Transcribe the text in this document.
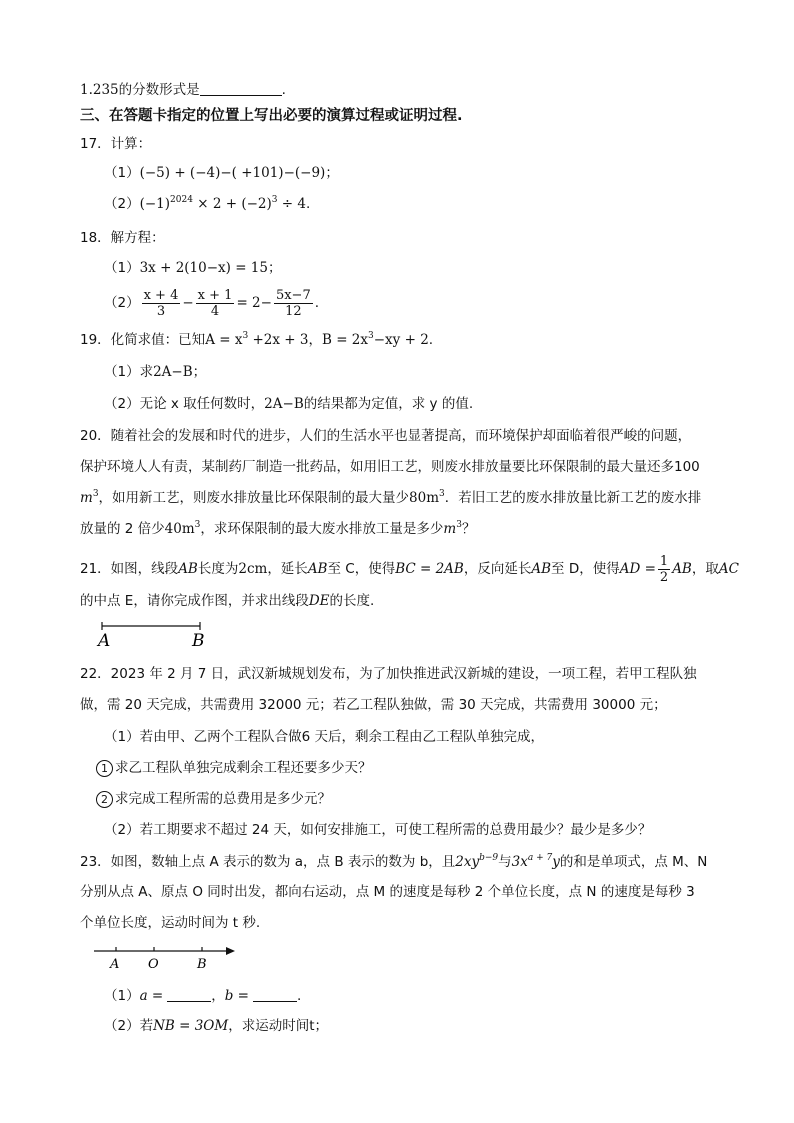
1.235的分数形式是	.
三、在答题卡指定的位置上写出必要的演算过程或证明过程.
17．计算：
（1）(−5) + (−4)−( +101)−(−9)；
$(2)(-1)^{2024} \times 2 + (-2)^3 \div 4$.
18．解方程：
（1）3x + 2(10−x) = 15；
$(2) \frac{x + 4}{3} - \frac{x + 1}{4} = 2- \frac{5x-7}{12}$ .
19．化简求值：已知$A = x^3 +2x + 3$，$B = 2x^3-xy + 2$.
（1）求2A−B；
（2）无论 x 取任何数时，2A−B的结果都为定值，求 y 的值.
20．随着社会的发展和时代的进步，人们的生活水平也显著提高，而环境保护却面临着很严峻的问题，
保护环境人人有责，某制药厂制造一批药品，如用旧工艺，则废水排放量要比环保限制的最大量还多100
$m^3$，如用新工艺，则废水排放量比环保限制的最大量少$80m^3$．若旧工艺的废水排放量比新工艺的废水排
放量的 2 倍少$40m^3$，求环保限制的最大废水排放工量是多少$m^3$？
21．如图，线段AB长度为2cm，延长AB至 C，使得BC = 2AB，反向延长AB至 D，使得AD = $\frac{1}{2}$ AB，取AC
的中点 E，请你完成作图，并求出线段DE的长度.
A	B
22．2023 年 2 月 7 日，武汉新城规划发布，为了加快推进武汉新城的建设，一项工程，若甲工程队独
做，需 20 天完成，共需费用 32000 元；若乙工程队独做，需 30 天完成，共需费用 30000 元；
（1）若由甲、乙两个工程队合做6 天后，剩余工程由乙工程队单独完成，
1 求乙工程队单独完成剩余工程还要多少天？
2 求完成工程所需的总费用是多少元？
（2）若工期要求不超过 24 天，如何安排施工，可使工程所需的总费用最少？最少是多少？
23．如图，数轴上点 A 表示的数为 a，点 B 表示的数为 b，且$2xy^{b-9}$与$3x^{a + 7}y$的和是单项式，点 M、N
分别从点 A、原点 O 同时出发，都向右运动，点 M 的速度是每秒 2 个单位长度，点 N 的速度是每秒 3
个单位长度，运动时间为 t 秒.
A O	B
（1）a =	，b =	.
（2）若NB = 3OM，求运动时间t；
